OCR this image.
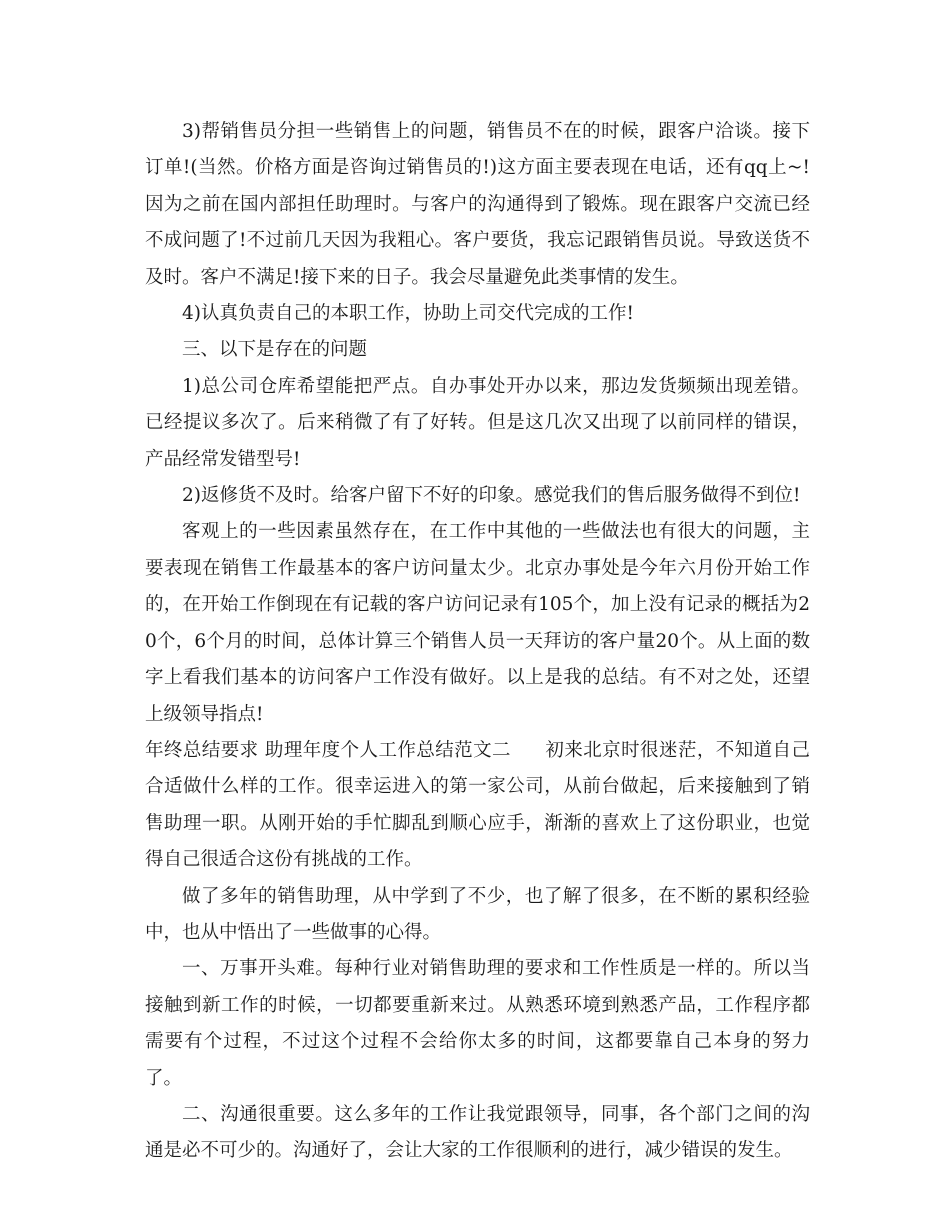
3)帮销售员分担一些销售上的问题，销售员不在的时候，跟客户洽谈。接下订单!(当然。价格方面是咨询过销售员的!)这方面主要表现在电话，还有qq上~!因为之前在国内部担任助理时。与客户的沟通得到了锻炼。现在跟客户交流已经不成问题了!不过前几天因为我粗心。客户要货，我忘记跟销售员说。导致送货不及时。客户不满足!接下来的日子。我会尽量避免此类事情的发生。

4)认真负责自己的本职工作，协助上司交代完成的工作!

三、以下是存在的问题

1)总公司仓库希望能把严点。自办事处开办以来，那边发货频频出现差错。已经提议多次了。后来稍微了有了好转。但是这几次又出现了以前同样的错误，产品经常发错型号!

2)返修货不及时。给客户留下不好的印象。感觉我们的售后服务做得不到位!

客观上的一些因素虽然存在，在工作中其他的一些做法也有很大的问题，主要表现在销售工作最基本的客户访问量太少。北京办事处是今年六月份开始工作的，在开始工作倒现在有记载的客户访问记录有105个，加上没有记录的概括为20个，6个月的时间，总体计算三个销售人员一天拜访的客户量20个。从上面的数字上看我们基本的访问客户工作没有做好。以上是我的总结。有不对之处，还望上级领导指点!

年终总结要求 助理年度个人工作总结范文二 初来北京时很迷茫，不知道自己合适做什么样的工作。很幸运进入的第一家公司，从前台做起，后来接触到了销售助理一职。从刚开始的手忙脚乱到顺心应手，渐渐的喜欢上了这份职业，也觉得自己很适合这份有挑战的工作。

做了多年的销售助理，从中学到了不少，也了解了很多，在不断的累积经验中，也从中悟出了一些做事的心得。

一、万事开头难。每种行业对销售助理的要求和工作性质是一样的。所以当接触到新工作的时候，一切都要重新来过。从熟悉环境到熟悉产品，工作程序都需要有个过程，不过这个过程不会给你太多的时间，这都要靠自己本身的努力了。

二、沟通很重要。这么多年的工作让我觉跟领导，同事，各个部门之间的沟通是必不可少的。沟通好了，会让大家的工作很顺利的进行，减少错误的发生。
